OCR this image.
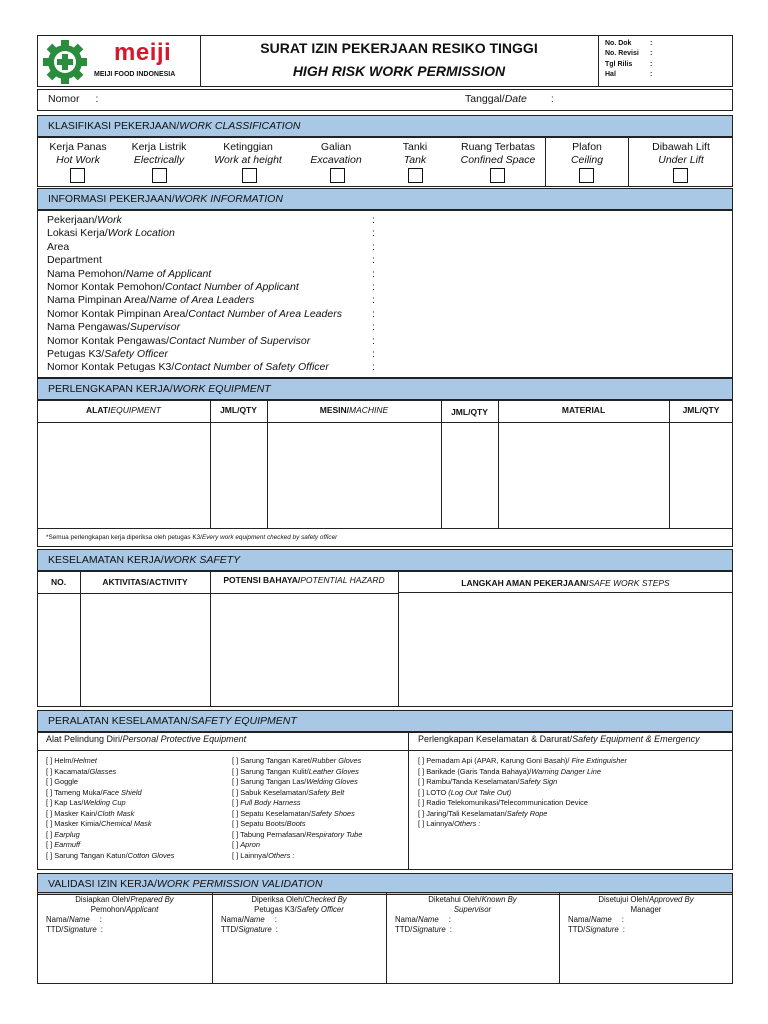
meiji
MEIJI FOOD INDONESIA
SURAT IZIN PEKERJAAN RESIKO TINGGI
HIGH RISK WORK PERMISSION
No. Dok	:
No. Revisi :
Tgl Rilis	:
Hal	:
Nomor :	Tanggal/Date :
KLASIFIKASI PEKERJAAN/WORK CLASSIFICATION
Kerja Panas
Hot Work
Kerja Listrik
Electrically
Ketinggian
Work at height
Galian
Excavation
Tanki
Tank
Ruang Terbatas
Confined Space
Plafon
Ceiling
Dibawah Lift
Under Lift
INFORMASI PEKERJAAN/WORK INFORMATION
Pekerjaan/Work	:
Lokasi Kerja/Work Location	:
Area	:
Department	:
Nama Pemohon/Name of Applicant	:
Nomor Kontak Pemohon/Contact Number of Applicant	:
Nama Pimpinan Area/Name of Area Leaders	:
Nomor Kontak Pimpinan Area/Contact Number of Area Leaders	:
Nama Pengawas/Supervisor	:
Nomor Kontak Pengawas/Contact Number of Supervisor	:
Petugas K3/Safety Officer	:
Nomor Kontak Petugas K3/Contact Number of Safety Officer	:
PERLENGKAPAN KERJA/WORK EQUIPMENT
ALAT/EQUIPMENT	JML/QTY	MESIN/MACHINE	JML/QTY	MATERIAL	JML/QTY
*Semua perlengkapan kerja diperiksa oleh petugas K3/Every work equipment checked by safety officer
KESELAMATAN KERJA/WORK SAFETY
NO.	AKTIVITAS/ACTIVITY	POTENSI BAHAYA/POTENTIAL HAZARD	LANGKAH AMAN PEKERJAAN/SAFE WORK STEPS
PERALATAN KESELAMATAN/SAFETY EQUIPMENT
Alat Pelindung Diri/Personal Protective Equipment	Perlengkapan Keselamatan & Darurat/Safety Equipment & Emergency
[ ] Helm/Helmet
[ ] Kacamata/Glasses
[ ] Goggle
[ ] Tameng Muka/Face Shield
[ ] Kap Las/Welding Cup
[ ] Masker Kain/Cloth Mask
[ ] Masker Kimia/Chemical Mask
[ ] Earplug
[ ] Earmuff
[ ] Sarung Tangan Katun/Cotton Gloves
[ ] Sarung Tangan Karet/Rubber Gloves
[ ] Sarung Tangan Kulit/Leather Gloves
[ ] Sarung Tangan Las/Welding Gloves
[ ] Sabuk Keselamatan/Safety Belt
[ ] Full Body Harness
[ ] Sepatu Keselamatan/Safety Shoes
[ ] Sepatu Boots/Boots
[ ] Tabung Pernafasan/Respiratory Tube
[ ] Apron
[ ] Lainnya/Others :
[ ] Pemadam Api (APAR, Karung Goni Basah)/ Fire Extinguisher
[ ] Barikade (Garis Tanda Bahaya)/Warning Danger Line
[ ] Rambu/Tanda Keselamatan/Safety Sign
[ ] LOTO (Log Out Take Out)
[ ] Radio Telekomunikasi/Telecommunication Device
[ ] Jaring/Tali Keselamatan/Safety Rope
[ ] Lainnya/Others :
VALIDASI IZIN KERJA/WORK PERMISSION VALIDATION
Disiapkan Oleh/Prepared By
Pemohon/Applicant
Nama/Name :
TTD/Signature :
Diperiksa Oleh/Checked By
Petugas K3/Safety Officer
Nama/Name :
TTD/Signature :
Diketahui Oleh/Known By
Supervisor
Nama/Name :
TTD/Signature :
Disetujui Oleh/Approved By
Manager
Nama/Name :
TTD/Signature :
